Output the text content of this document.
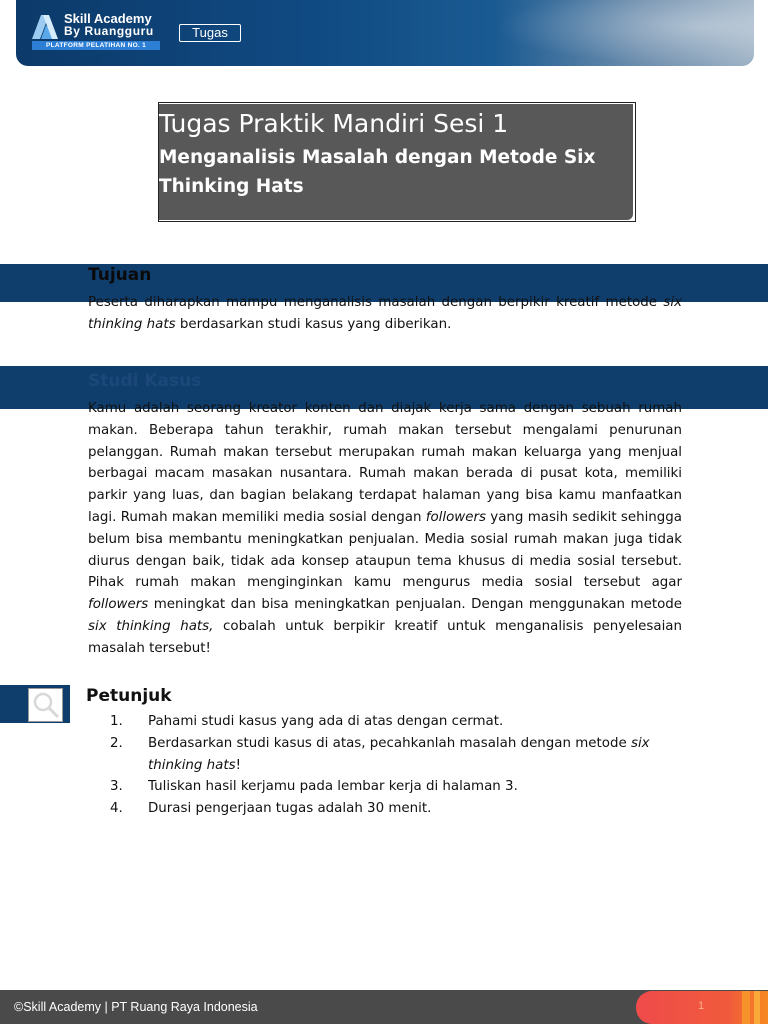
Skill Academy
By Ruangguru
PLATFORM PELATIHAN NO. 1
Tugas
Tugas Praktik Mandiri Sesi 1
Menganalisis Masalah dengan Metode Six Thinking Hats
Tujuan

Peserta diharapkan mampu menganalisis masalah dengan berpikir kreatif metode six thinking hats berdasarkan studi kasus yang diberikan.

Studi Kasus

Kamu adalah seorang kreator konten dan diajak kerja sama dengan sebuah rumah makan. Beberapa tahun terakhir, rumah makan tersebut mengalami penurunan pelanggan. Rumah makan tersebut merupakan rumah makan keluarga yang menjual berbagai macam masakan nusantara. Rumah makan berada di pusat kota, memiliki parkir yang luas, dan bagian belakang terdapat halaman yang bisa kamu manfaatkan lagi. Rumah makan memiliki media sosial dengan followers yang masih sedikit sehingga belum bisa membantu meningkatkan penjualan. Media sosial rumah makan juga tidak diurus dengan baik, tidak ada konsep ataupun tema khusus di media sosial tersebut. Pihak rumah makan menginginkan kamu mengurus media sosial tersebut agar followers meningkat dan bisa meningkatkan penjualan. Dengan menggunakan metode six thinking hats, cobalah untuk berpikir kreatif untuk menganalisis penyelesaian masalah tersebut!

Petunjuk
1.	Pahami studi kasus yang ada di atas dengan cermat.
2.	Berdasarkan studi kasus di atas, pecahkanlah masalah dengan metode six thinking hats!
3.	Tuliskan hasil kerjamu pada lembar kerja di halaman 3.
4.	Durasi pengerjaan tugas adalah 30 menit.
©Skill Academy | PT Ruang Raya Indonesia	1
